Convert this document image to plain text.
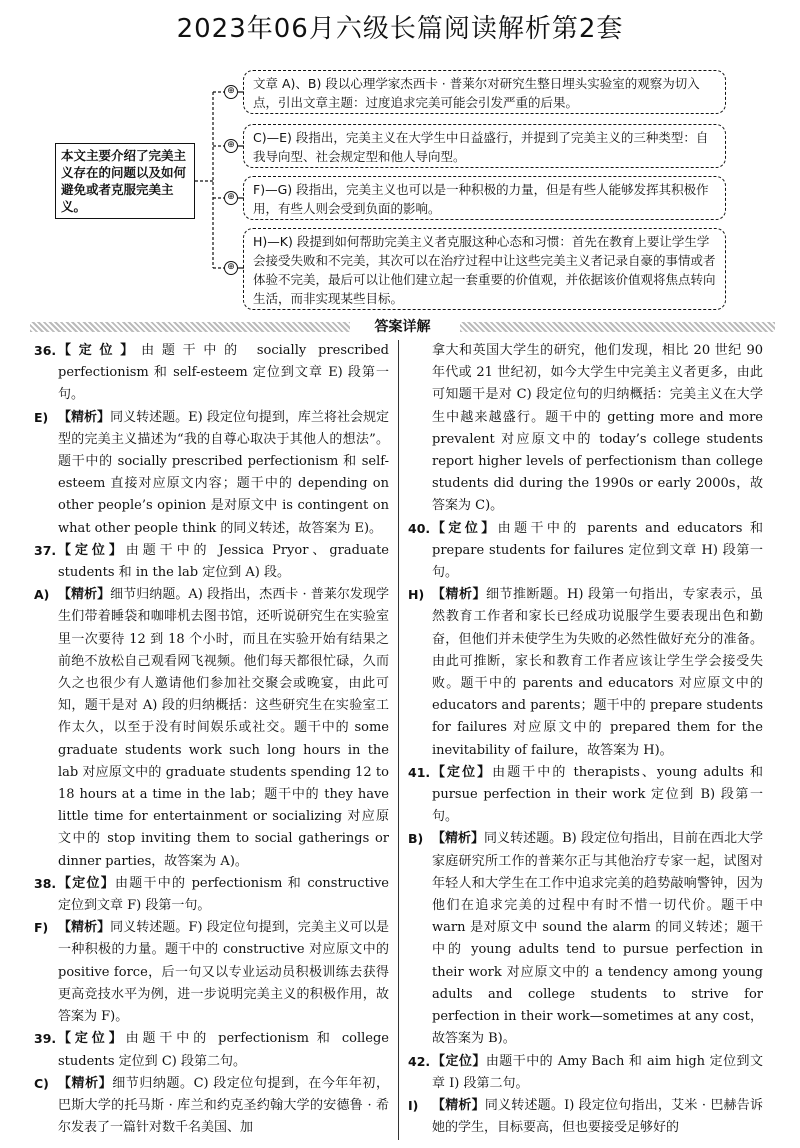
2023年06月六级长篇阅读解析第2套
本文主要介绍了完美主义存在的问题以及如何避免或者克服完美主义。
⊕
⊕
⊕
⊕
文章 A)、B) 段以心理学家杰西卡 · 普莱尔对研究生整日埋头实验室的观察为切入点，引出文章主题：过度追求完美可能会引发严重的后果。
C)—E) 段指出，完美主义在大学生中日益盛行，并提到了完美主义的三种类型：自我导向型、社会规定型和他人导向型。
F)—G) 段指出，完美主义也可以是一种积极的力量，但是有些人能够发挥其积极作用，有些人则会受到负面的影响。
H)—K) 段提到如何帮助完美主义者克服这种心态和习惯：首先在教育上要让学生学会接受失败和不完美，其次可以在治疗过程中让这些完美主义者记录自豪的事情或者体验不完美，最后可以让他们建立起一套重要的价值观，并依据该价值观将焦点转向生活，而非实现某些目标。
答案详解
36. 【定位】由题干中的 socially prescribed perfectionism 和 self-esteem 定位到文章 E) 段第一句。
E) 【精析】同义转述题。E) 段定位句提到，库兰将社会规定型的完美主义描述为“我的自尊心取决于其他人的想法”。题干中的 socially prescribed perfectionism 和 self-esteem 直接对应原文内容；题干中的 depending on other people’s opinion 是对原文中 is contingent on what other people think 的同义转述，故答案为 E)。
37. 【定位】由题干中的 Jessica Pryor、graduate students 和 in the lab 定位到 A) 段。
A) 【精析】细节归纳题。A) 段指出，杰西卡 · 普莱尔发现学生们带着睡袋和咖啡机去图书馆，还听说研究生在实验室里一次要待 12 到 18 个小时，而且在实验开始有结果之前绝不放松自己观看网飞视频。他们每天都很忙碌，久而久之也很少有人邀请他们参加社交聚会或晚宴，由此可知，题干是对 A) 段的归纳概括：这些研究生在实验室工作太久，以至于没有时间娱乐或社交。题干中的 some graduate students work such long hours in the lab 对应原文中的 graduate students spending 12 to 18 hours at a time in the lab；题干中的 they have little time for entertainment or socializing 对应原文中的 stop inviting them to social gatherings or dinner parties，故答案为 A)。
38. 【定位】由题干中的 perfectionism 和 constructive 定位到文章 F) 段第一句。
F) 【精析】同义转述题。F) 段定位句提到，完美主义可以是一种积极的力量。题干中的 constructive 对应原文中的 positive force，后一句又以专业运动员积极训练去获得更高竞技水平为例，进一步说明完美主义的积极作用，故答案为 F)。
39. 【定位】由题干中的 perfectionism 和 college students 定位到 C) 段第二句。
C) 【精析】细节归纳题。C) 段定位句提到，在今年年初，巴斯大学的托马斯 · 库兰和约克圣约翰大学的安德鲁 · 希尔发表了一篇针对数千名美国、加
拿大和英国大学生的研究，他们发现，相比 20 世纪 90 年代或 21 世纪初，如今大学生中完美主义者更多，由此可知题干是对 C) 段定位句的归纳概括：完美主义在大学生中越来越盛行。题干中的 getting more and more prevalent 对应原文中的 today’s college students report higher levels of perfectionism than college students did during the 1990s or early 2000s，故答案为 C)。
40. 【定位】由题干中的 parents and educators 和 prepare students for failures 定位到文章 H) 段第一句。
H) 【精析】细节推断题。H) 段第一句指出，专家表示，虽然教育工作者和家长已经成功说服学生要表现出色和勤奋，但他们并未使学生为失败的必然性做好充分的准备。由此可推断，家长和教育工作者应该让学生学会接受失败。题干中的 parents and educators 对应原文中的 educators and parents；题干中的 prepare students for failures 对应原文中的 prepared them for the inevitability of failure，故答案为 H)。
41. 【定位】由题干中的 therapists、young adults 和 pursue perfection in their work 定位到 B) 段第一句。
B) 【精析】同义转述题。B) 段定位句指出，目前在西北大学家庭研究所工作的普莱尔正与其他治疗专家一起，试图对年轻人和大学生在工作中追求完美的趋势敲响警钟，因为他们在追求完美的过程中有时不惜一切代价。题干中 warn 是对原文中 sound the alarm 的同义转述；题干中的 young adults tend to pursue perfection in their work 对应原文中的 a tendency among young adults and college students to strive for perfection in their work—sometimes at any cost，故答案为 B)。
42. 【定位】由题干中的 Amy Bach 和 aim high 定位到文章 I) 段第二句。
I) 【精析】同义转述题。I) 段定位句指出，艾米 · 巴赫告诉她的学生，目标要高，但也要接受足够好的
